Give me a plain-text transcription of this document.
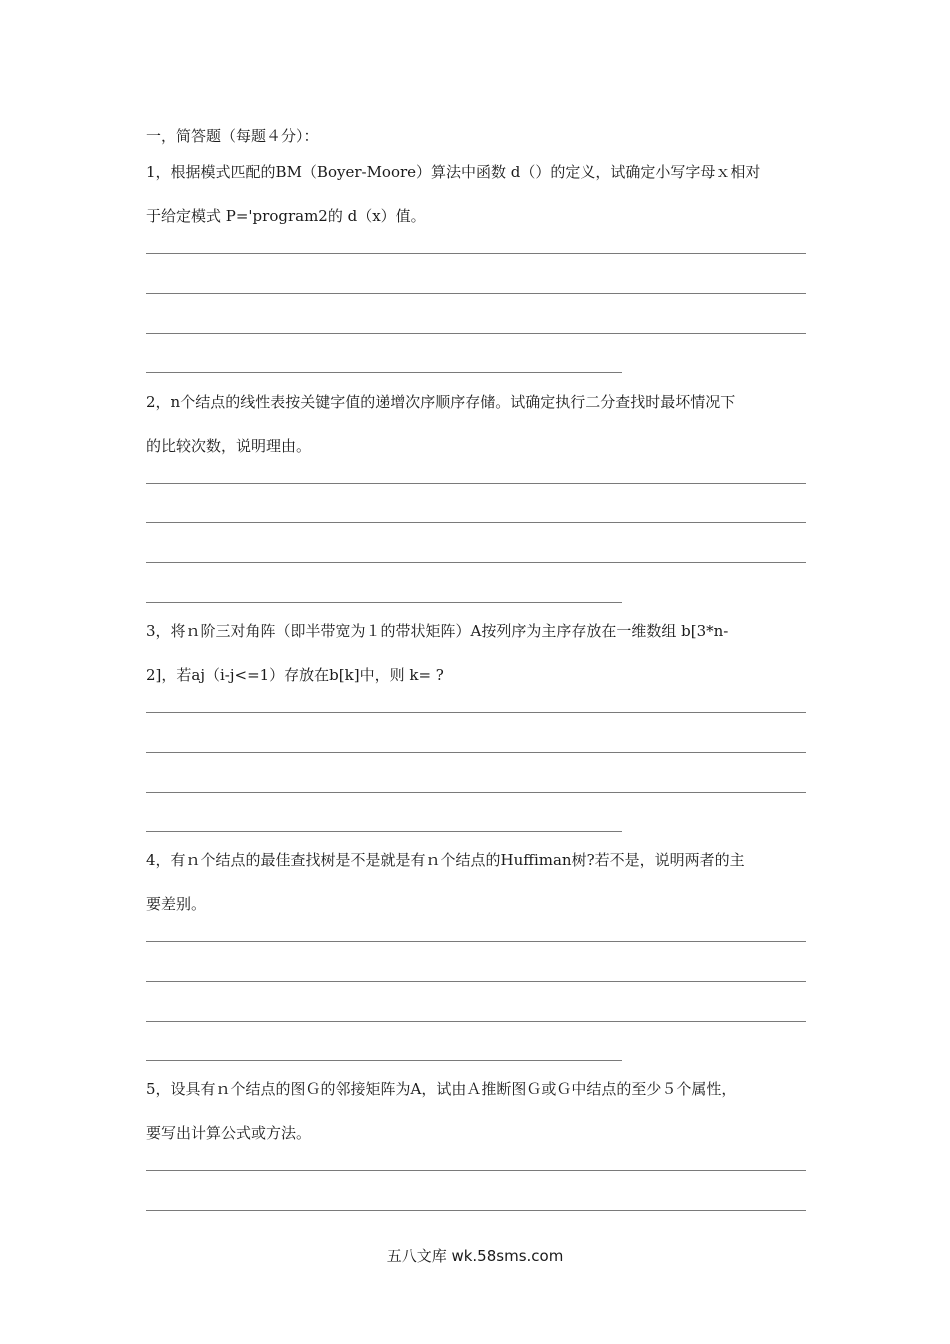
一，简答题（每题４分）：
1，根据模式匹配的BM（Boyer-Moore）算法中函数 d（）的定义，试确定小写字母ｘ相对
于给定模式 P='program2的 d（x）值。
2，n个结点的线性表按关键字值的递增次序顺序存储。试确定执行二分查找时最坏情况下
的比较次数，说明理由。
3，将ｎ阶三对角阵（即半带宽为１的带状矩阵）A按列序为主序存放在一维数组 b[3*n-
2]，若aj（i-j<=1）存放在b[k]中，则 k= ?
4，有ｎ个结点的最佳查找树是不是就是有ｎ个结点的Huffiman树?若不是，说明两者的主
要差别。
5，设具有ｎ个结点的图Ｇ的邻接矩阵为A，试由Ａ推断图Ｇ或Ｇ中结点的至少５个属性，
要写出计算公式或方法。
五八文库 wk.58sms.com
